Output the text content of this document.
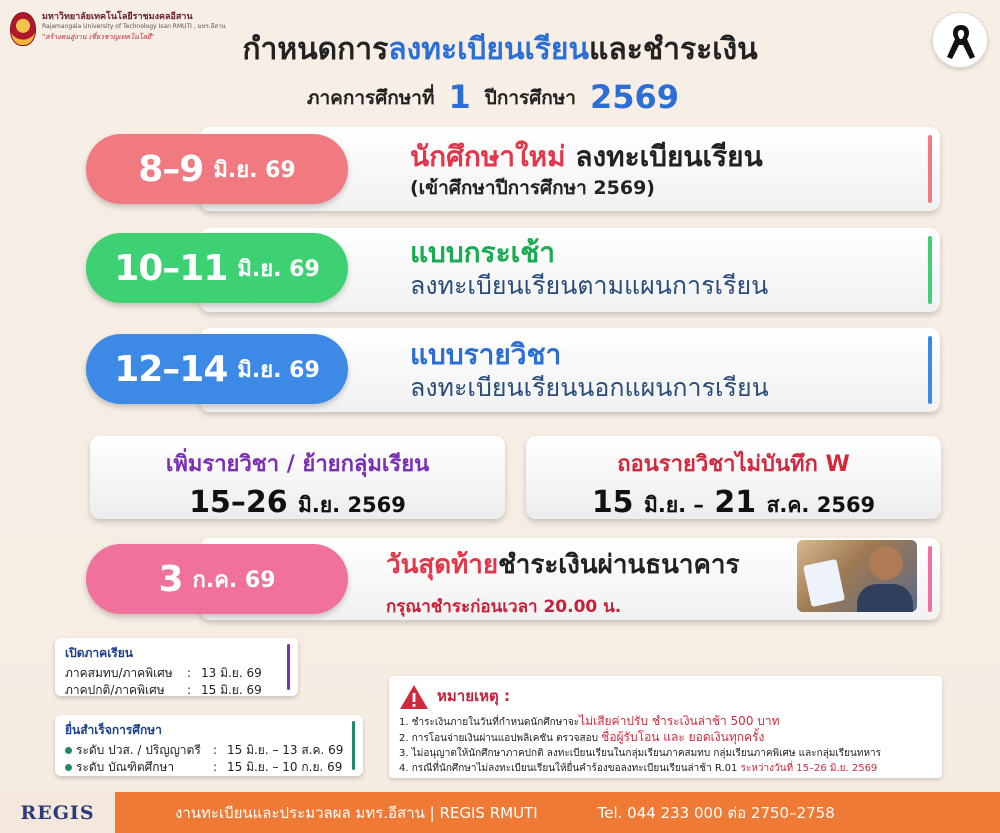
มหาวิทยาลัยเทคโนโลยีราชมงคลอีสาน
Rajamangala University of Technology Isan RMUTI , มทร.อีสาน
"สร้างคนสู่งาน เชี่ยวชาญเทคโนโลยี"	กำหนดการลงทะเบียนเรียนและชำระเงิน
ภาคการศึกษาที่ 1 ปีการศึกษา 2569
8–9 มิ.ย. 69	นักศึกษาใหม่ ลงทะเบียนเรียน
(เข้าศึกษาปีการศึกษา 2569)
10–11 มิ.ย. 69	แบบกระเช้า
ลงทะเบียนเรียนตามแผนการเรียน
12–14 มิ.ย. 69	แบบรายวิชา
ลงทะเบียนเรียนนอกแผนการเรียน
เพิ่มรายวิชา / ย้ายกลุ่มเรียน
15–26 มิ.ย. 2569
ถอนรายวิชาไม่บันทึก W
15 มิ.ย. – 21 ส.ค. 2569
3 ก.ค. 69	วันสุดท้ายชำระเงินผ่านธนาคาร
กรุณาชำระก่อนเวลา 20.00 น.
เปิดภาคเรียน
ภาคสมทบ/ภาคพิเศษ	: 13 มิ.ย. 69
ภาคปกติ/ภาคพิเศษ	: 15 มิ.ย. 69
ยื่นสำเร็จการศึกษา
ระดับ ปวส. / ปริญญาตรี	: 15 มิ.ย. – 13 ส.ค. 69
ระดับ บัณฑิตศึกษา	: 15 มิ.ย. – 10 ก.ย. 69
หมายเหตุ :
1. ชำระเงินภายในวันที่กำหนดนักศึกษาจะไม่เสียค่าปรับ ชำระเงินล่าช้า 500 บาท
2. การโอนจ่ายเงินผ่านแอปพลิเคชัน ตรวจสอบ ชื่อผู้รับโอน และ ยอดเงินทุกครั้ง
3. ไม่อนุญาตให้นักศึกษาภาคปกติ ลงทะเบียนเรียนในกลุ่มเรียนภาคสมทบ กลุ่มเรียนภาคพิเศษ และกลุ่มเรียนทหาร
4. กรณีที่นักศึกษาไม่ลงทะเบียนเรียนให้ยื่นคำร้องขอลงทะเบียนเรียนล่าช้า R.01 ระหว่างวันที่ 15–26 มิ.ย. 2569
REGIS	งานทะเบียนและประมวลผล มทร.อีสาน | REGIS RMUTI	Tel. 044 233 000 ต่อ 2750–2758
